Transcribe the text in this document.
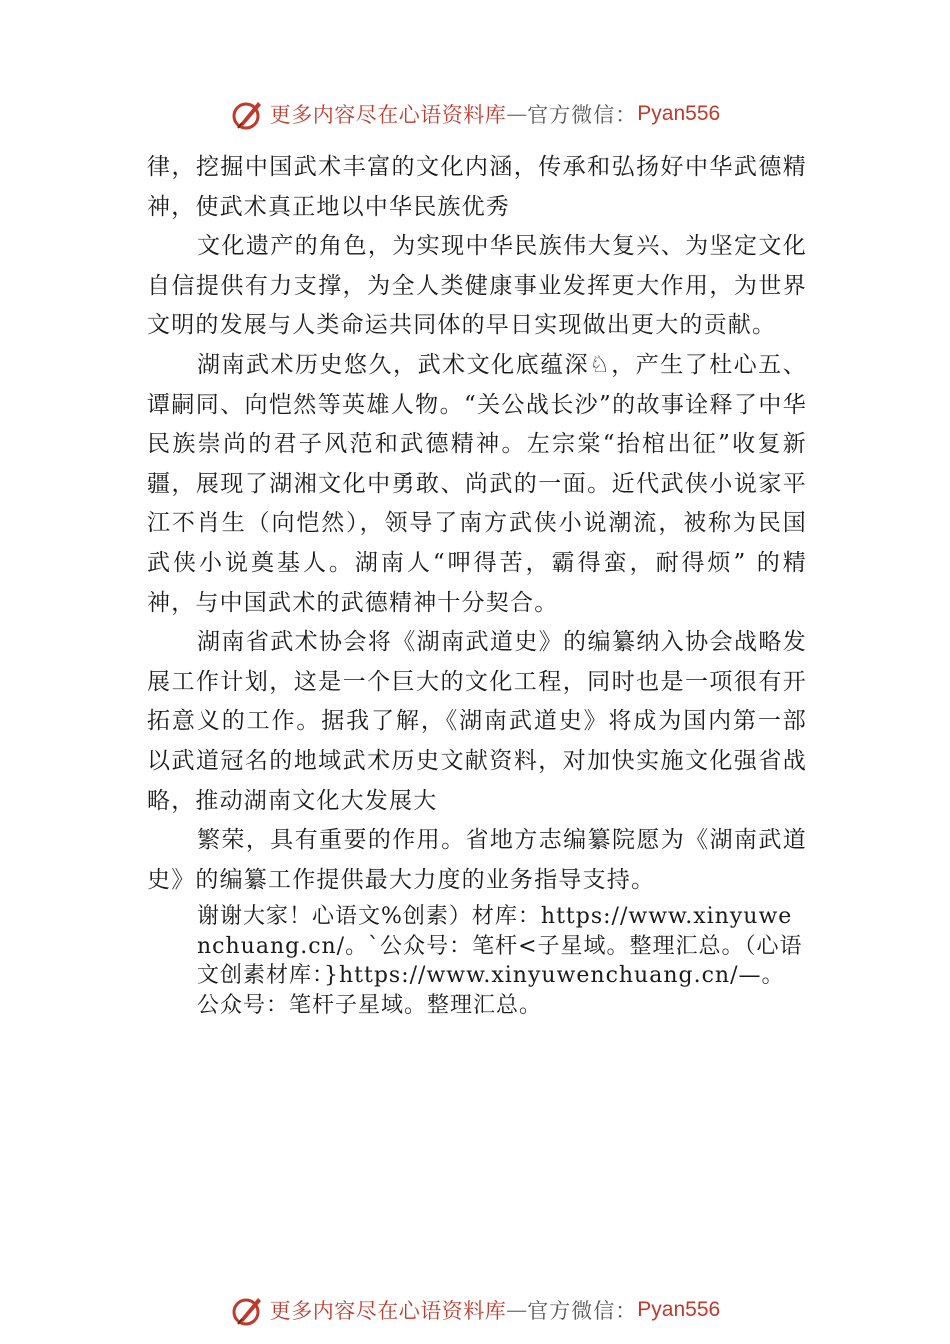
更多内容尽在心语资料库 — 官方微信： Pyan556

律，挖掘中国武术丰富的文化内涵，传承和弘扬好中华武德精神，使武术真正地以中华民族优秀

文化遗产的角色，为实现中华民族伟大复兴、为坚定文化自信提供有力支撑，为全人类健康事业发挥更大作用，为世界文明的发展与人类命运共同体的早日实现做出更大的贡献。

湖南武术历史悠久，武术文化底蕴深♘，产生了杜心五、谭嗣同、向恺然等英雄人物。“关公战长沙”的故事诠释了中华民族崇尚的君子风范和武德精神。左宗棠“抬棺出征”收复新疆，展现了湖湘文化中勇敢、尚武的一面。近代武侠小说家平江不肖生（向恺然），领导了南方武侠小说潮流，被称为民国武侠小说奠基人。湖南人“呷得苦，霸得蛮，耐得烦” 的精神，与中国武术的武德精神十分契合。

湖南省武术协会将《湖南武道史》的编纂纳入协会战略发展工作计划，这是一个巨大的文化工程，同时也是一项很有开拓意义的工作。据我了解，《湖南武道史》将成为国内第一部以武道冠名的地域武术历史文献资料，对加快实施文化强省战略，推动湖南文化大发展大

繁荣，具有重要的作用。省地方志编纂院愿为《湖南武道史》的编纂工作提供最大力度的业务指导支持。

谢谢大家！心语文%创素）材库：https://www.xinyuwenchuang.cn/。`公众号：笔杆<子星域。整理汇总。（心语文创素材库：}https://www.xinyuwenchuang.cn/—。公众号：笔杆子星域。整理汇总。

更多内容尽在心语资料库 — 官方微信： Pyan556
